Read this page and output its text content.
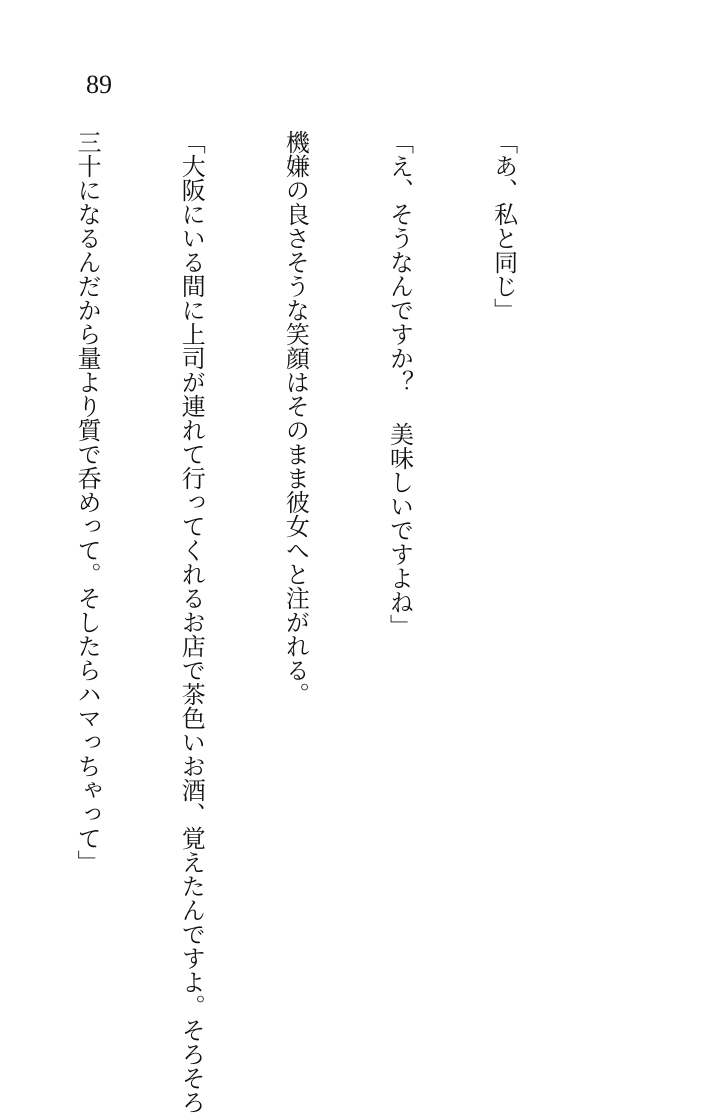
89

「あ、私と同じ」

「え、そうなんですか？ 美味しいですよね」

機嫌の良さそうな笑顔はそのまま彼女へと注がれる。

「大阪にいる間に上司が連れて行ってくれるお店で茶色いお酒、覚えたんですよ。そろそろ

三十になるんだから量より質で呑めって。そしたらハマっちゃって」
